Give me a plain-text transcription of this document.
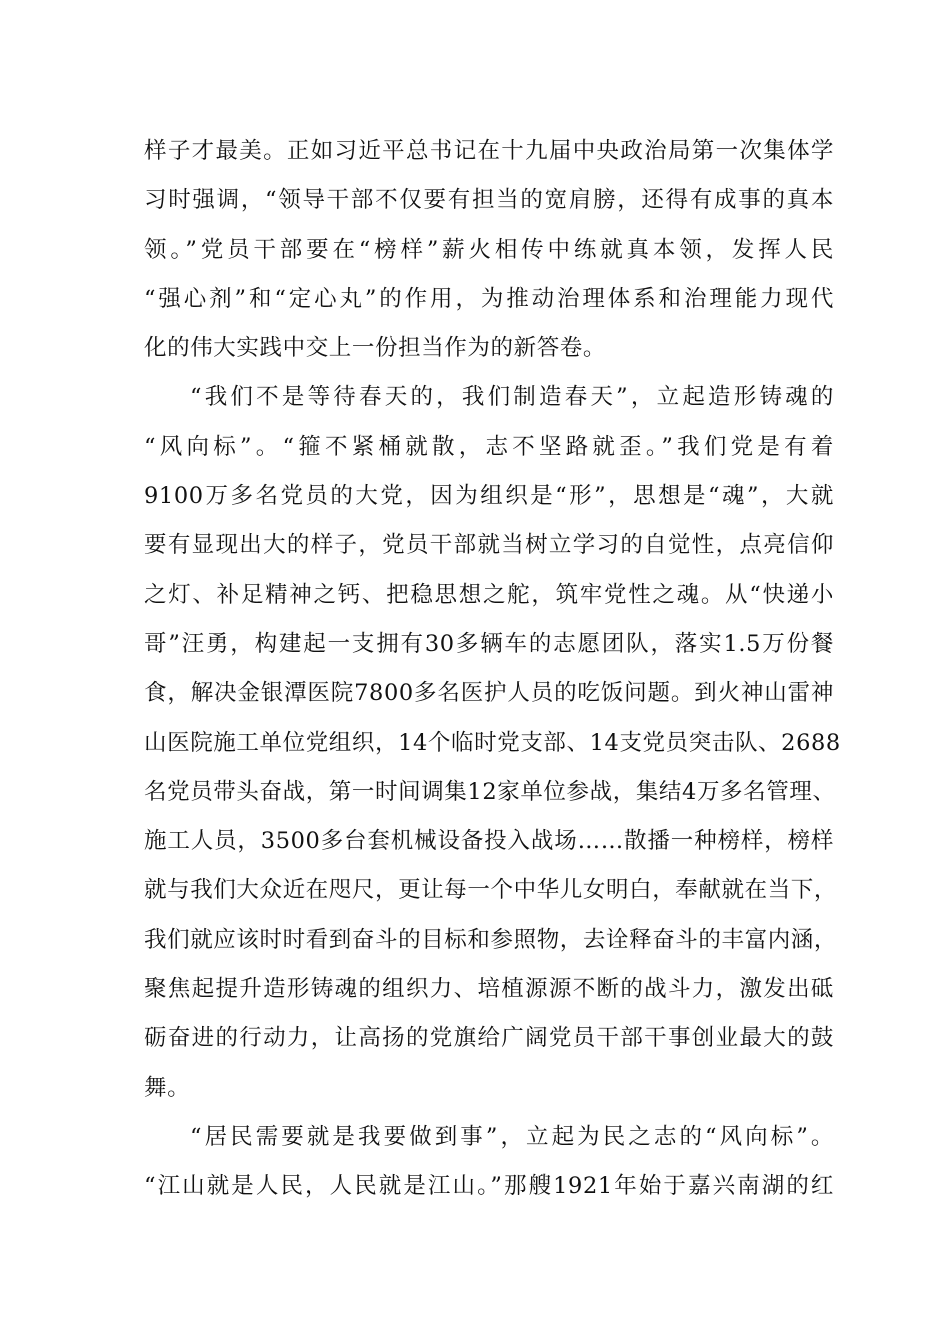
样子才最美。正如习近平总书记在十九届中央政治局第一次集体学
习时强调，“领导干部不仅要有担当的宽肩膀，还得有成事的真本
领。”党员干部要在“榜样”薪火相传中练就真本领，发挥人民
“强心剂”和“定心丸”的作用，为推动治理体系和治理能力现代
化的伟大实践中交上一份担当作为的新答卷。
“我们不是等待春天的，我们制造春天”，立起造形铸魂的
“风向标”。“箍不紧桶就散，志不坚路就歪。”我们党是有着
9100万多名党员的大党，因为组织是“形”，思想是“魂”，大就
要有显现出大的样子，党员干部就当树立学习的自觉性，点亮信仰
之灯、补足精神之钙、把稳思想之舵，筑牢党性之魂。从“快递小
哥”汪勇，构建起一支拥有30多辆车的志愿团队，落实1.5万份餐
食，解决金银潭医院7800多名医护人员的吃饭问题。到火神山雷神
山医院施工单位党组织，14个临时党支部、14支党员突击队、2688
名党员带头奋战，第一时间调集12家单位参战，集结4万多名管理、
施工人员，3500多台套机械设备投入战场……散播一种榜样，榜样
就与我们大众近在咫尺，更让每一个中华儿女明白，奉献就在当下，
我们就应该时时看到奋斗的目标和参照物，去诠释奋斗的丰富内涵，
聚焦起提升造形铸魂的组织力、培植源源不断的战斗力，激发出砥
砺奋进的行动力，让高扬的党旗给广阔党员干部干事创业最大的鼓
舞。
“居民需要就是我要做到事”，立起为民之志的“风向标”。
“江山就是人民，人民就是江山。”那艘1921年始于嘉兴南湖的红
